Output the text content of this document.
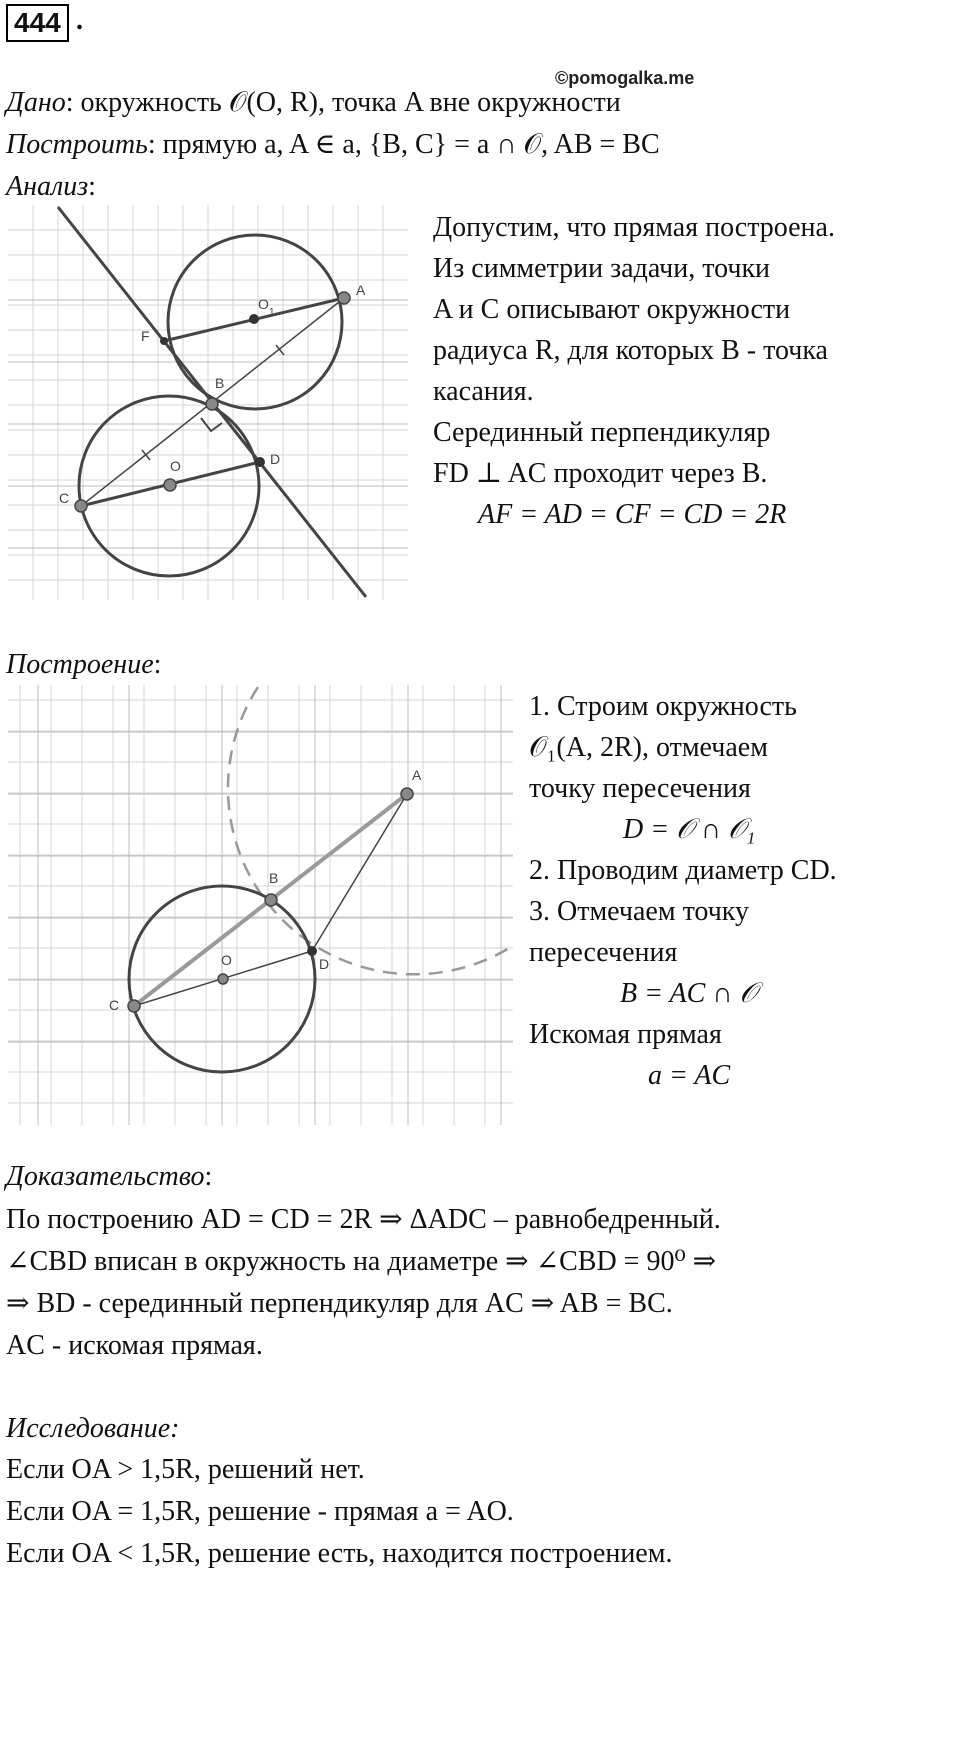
444 .
©pomogalka.me
Дано: окружность 𝒪(O, R), точка A вне окружности
Построить: прямую a, A ∈ a, {B, C} = a ∩ 𝒪, AB = BC
Анализ:
A
F
O
1
B
O	D
C
Допустим, что прямая построена.
Из симметрии задачи, точки
A и C описывают окружности
радиуса R, для которых B - точка
касания.
Серединный перпендикуляр
FD ⊥ AC проходит через B.
AF = AD = CF = CD = 2R
Построение:
A
B
O	D
C
1. Строим окружность
𝒪₁(A, 2R), отмечаем
точку пересечения
D = 𝒪 ∩ 𝒪₁
2. Проводим диаметр CD.
3. Отмечаем точку
пересечения
B = AC ∩ 𝒪
Искомая прямая
a = AC
Доказательство:
По построению AD = CD = 2R ⇒ ΔADC – равнобедренный.
∠CBD вписан в окружность на диаметре ⇒ ∠CBD = 90⁰ ⇒
⇒ BD - серединный перпендикуляр для AC ⇒ AB = BC.
AC - искомая прямая.
Исследование:
Если OA > 1,5R, решений нет.
Если OA = 1,5R, решение - прямая a = AO.
Если OA < 1,5R, решение есть, находится построением.
